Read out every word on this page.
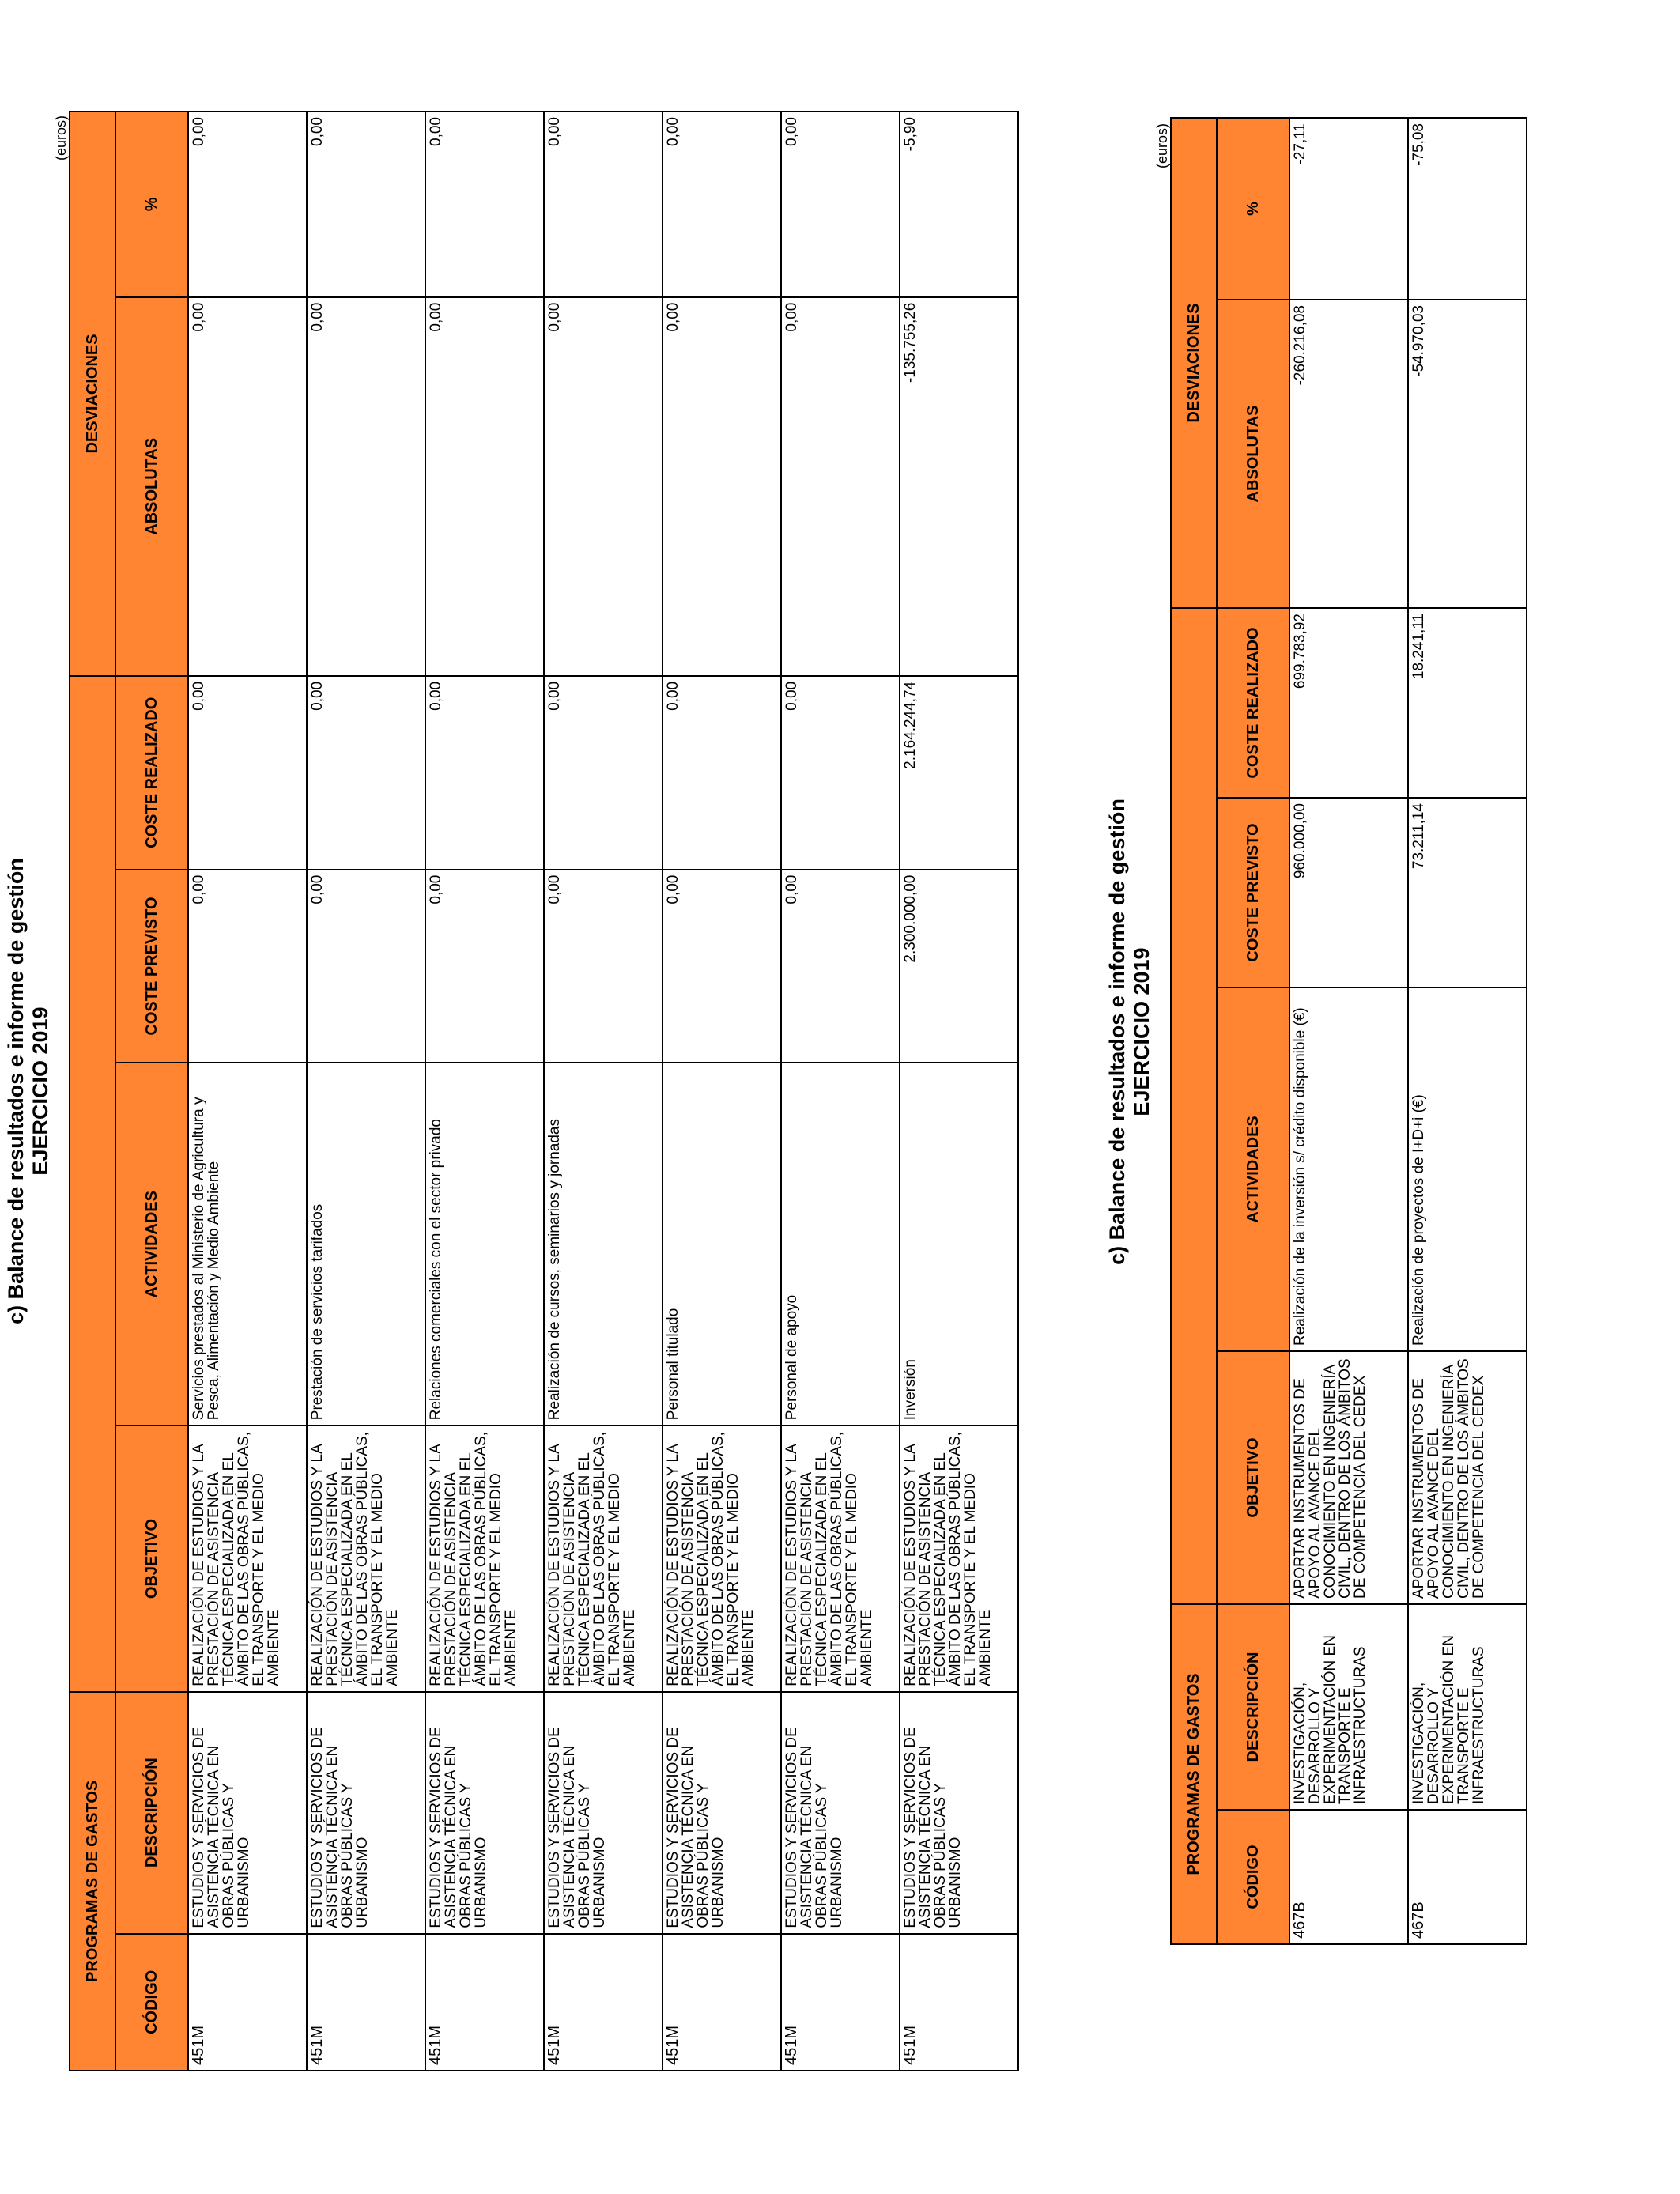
c) Balance de resultados e informe de gestión EJERCICIO 2019
(euros)
PROGRAMAS DE GASTOS						DESVIACIONES	
CÓDIGO	DESCRIPCIÓN	OBJETIVO	ACTIVIDADES	COSTE PREVISTO	COSTE REALIZADO	ABSOLUTAS	%
451M	ESTUDIOS Y SERVICIOS DE ASISTENCIA TÉCNICA EN OBRAS PÚBLICAS Y URBANISMO	REALIZACIÓN DE ESTUDIOS Y LA PRESTACIÓN DE ASISTENCIA TÉCNICA ESPECIALIZADA EN EL ÁMBITO DE LAS OBRAS PÚBLICAS, EL TRANSPORTE Y EL MEDIO AMBIENTE	Servicios prestados al Ministerio de Agricultura y Pesca, Alimentación y Medio Ambiente	0,00	0,00	0,00	0,00
451M	ESTUDIOS Y SERVICIOS DE ASISTENCIA TÉCNICA EN OBRAS PÚBLICAS Y URBANISMO	REALIZACIÓN DE ESTUDIOS Y LA PRESTACIÓN DE ASISTENCIA TÉCNICA ESPECIALIZADA EN EL ÁMBITO DE LAS OBRAS PÚBLICAS, EL TRANSPORTE Y EL MEDIO AMBIENTE	Prestación de servicios tarifados	0,00	0,00	0,00	0,00
451M	ESTUDIOS Y SERVICIOS DE ASISTENCIA TÉCNICA EN OBRAS PÚBLICAS Y URBANISMO	REALIZACIÓN DE ESTUDIOS Y LA PRESTACIÓN DE ASISTENCIA TÉCNICA ESPECIALIZADA EN EL ÁMBITO DE LAS OBRAS PÚBLICAS, EL TRANSPORTE Y EL MEDIO AMBIENTE	Relaciones comerciales con el sector privado	0,00	0,00	0,00	0,00
451M	ESTUDIOS Y SERVICIOS DE ASISTENCIA TÉCNICA EN OBRAS PÚBLICAS Y URBANISMO	REALIZACIÓN DE ESTUDIOS Y LA PRESTACIÓN DE ASISTENCIA TÉCNICA ESPECIALIZADA EN EL ÁMBITO DE LAS OBRAS PÚBLICAS, EL TRANSPORTE Y EL MEDIO AMBIENTE	Realización de cursos, seminarios y jornadas	0,00	0,00	0,00	0,00
451M	ESTUDIOS Y SERVICIOS DE ASISTENCIA TÉCNICA EN OBRAS PÚBLICAS Y URBANISMO	REALIZACIÓN DE ESTUDIOS Y LA PRESTACIÓN DE ASISTENCIA TÉCNICA ESPECIALIZADA EN EL ÁMBITO DE LAS OBRAS PÚBLICAS, EL TRANSPORTE Y EL MEDIO AMBIENTE	Personal titulado	0,00	0,00	0,00	0,00
451M	ESTUDIOS Y SERVICIOS DE ASISTENCIA TÉCNICA EN OBRAS PÚBLICAS Y URBANISMO	REALIZACIÓN DE ESTUDIOS Y LA PRESTACIÓN DE ASISTENCIA TÉCNICA ESPECIALIZADA EN EL ÁMBITO DE LAS OBRAS PÚBLICAS, EL TRANSPORTE Y EL MEDIO AMBIENTE	Personal de apoyo	0,00	0,00	0,00	0,00
451M	ESTUDIOS Y SERVICIOS DE ASISTENCIA TÉCNICA EN OBRAS PÚBLICAS Y URBANISMO	REALIZACIÓN DE ESTUDIOS Y LA PRESTACIÓN DE ASISTENCIA TÉCNICA ESPECIALIZADA EN EL ÁMBITO DE LAS OBRAS PÚBLICAS, EL TRANSPORTE Y EL MEDIO AMBIENTE	Inversión	2.300.000,00	2.164.244,74	-135.755,26	-5,90
c) Balance de resultados e informe de gestión EJERCICIO 2019
(euros)
PROGRAMAS DE GASTOS						DESVIACIONES	
CÓDIGO	DESCRIPCIÓN	OBJETIVO	ACTIVIDADES	COSTE PREVISTO	COSTE REALIZADO	ABSOLUTAS	%
467B	INVESTIGACIÓN, DESARROLLO Y EXPERIMENTACIÓN EN TRANSPORTE E INFRAESTRUCTURAS	APORTAR INSTRUMENTOS DE APOYO AL AVANCE DEL CONOCIMIENTO EN INGENIERÍA CIVIL, DENTRO DE LOS ÁMBITOS DE COMPETENCIA DEL CEDEX	Realización de la inversión s/ crédito disponible (€)	960.000,00	699.783,92	-260.216,08	-27,11
467B	INVESTIGACIÓN, DESARROLLO Y EXPERIMENTACIÓN EN TRANSPORTE E INFRAESTRUCTURAS	APORTAR INSTRUMENTOS DE APOYO AL AVANCE DEL CONOCIMIENTO EN INGENIERÍA CIVIL, DENTRO DE LOS ÁMBITOS DE COMPETENCIA DEL CEDEX	Realización de proyectos de I+D+i (€)	73.211,14	18.241,11	-54.970,03	-75,08
